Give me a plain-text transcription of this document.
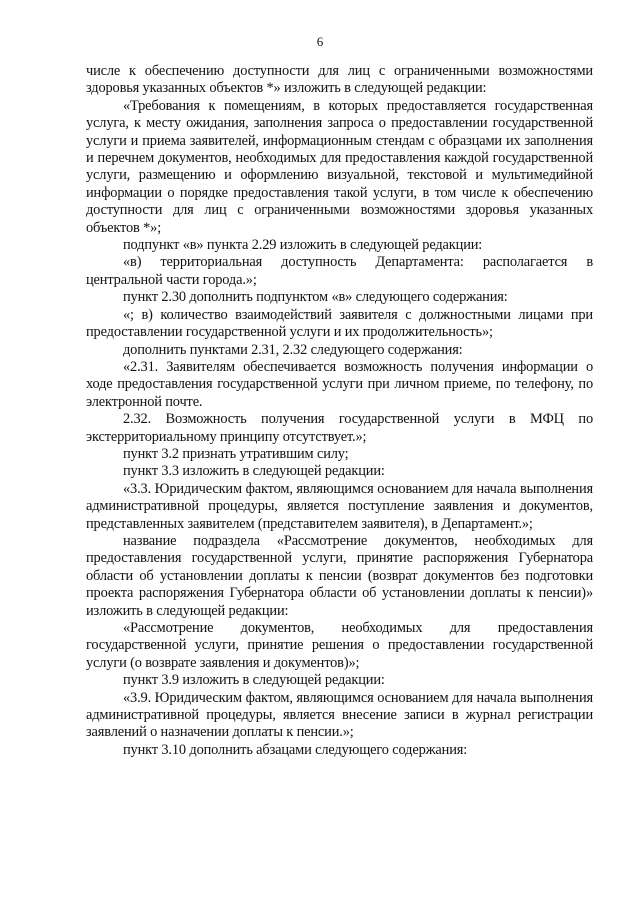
6

числе к обеспечению доступности для лиц с ограниченными возможностями здоровья указанных объектов *» изложить в следующей редакции:

«Требования к помещениям, в которых предоставляется государственная услуга, к месту ожидания, заполнения запроса о предоставлении государственной услуги и приема заявителей, информационным стендам с образцами их заполнения и перечнем документов, необходимых для предоставления каждой государственной услуги, размещению и оформлению визуальной, текстовой и мультимедийной информации о порядке предоставления такой услуги, в том числе к обеспечению доступности для лиц с ограниченными возможностями здоровья указанных объектов *»;

подпункт «в» пункта 2.29 изложить в следующей редакции:

«в) территориальная доступность Департамента: располагается в центральной части города.»;

пункт 2.30 дополнить подпунктом «в» следующего содержания:

«; в) количество взаимодействий заявителя с должностными лицами при предоставлении государственной услуги и их продолжительность»;

дополнить пунктами 2.31, 2.32 следующего содержания:

«2.31. Заявителям обеспечивается возможность получения информации о ходе предоставления государственной услуги при личном приеме, по телефону, по электронной почте.

2.32. Возможность получения государственной услуги в МФЦ по экстерриториальному принципу отсутствует.»;

пункт 3.2 признать утратившим силу;

пункт 3.3 изложить в следующей редакции:

«3.3. Юридическим фактом, являющимся основанием для начала выполнения административной процедуры, является поступление заявления и документов, представленных заявителем (представителем заявителя), в Департамент.»;

название подраздела «Рассмотрение документов, необходимых для предоставления государственной услуги, принятие распоряжения Губернатора области об установлении доплаты к пенсии (возврат документов без подготовки проекта распоряжения Губернатора области об установлении доплаты к пенсии)» изложить в следующей редакции:

«Рассмотрение документов, необходимых для предоставления государственной услуги, принятие решения о предоставлении государственной услуги (о возврате заявления и документов)»;

пункт 3.9 изложить в следующей редакции:

«3.9. Юридическим фактом, являющимся основанием для начала выполнения административной процедуры, является внесение записи в журнал регистрации заявлений о назначении доплаты к пенсии.»;

пункт 3.10 дополнить абзацами следующего содержания:
